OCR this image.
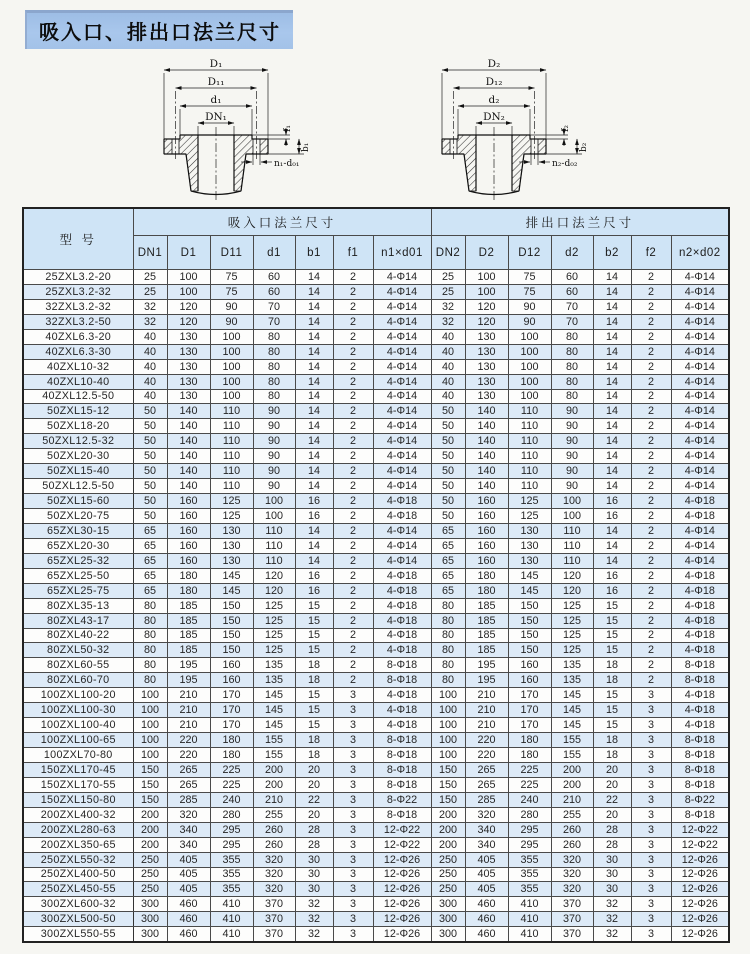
吸入口、排出口法兰尺寸
D₁
D₁₁
d₁
DN₁
f₁
b₁
n₁-d₀₁
D₂
D₁₂
d₂
DN₂
f₂
b₂
n₂-d₀₂
型 号	吸入口法兰尺寸							排出口法兰尺寸						
	DN1	D1	D11	d1	b1	f1	n1×d01	DN2	D2	D12	d2	b2	f2	n2×d02
25ZXL3.2-20	25	100	75	60	14	2	4-Φ14	25	100	75	60	14	2	4-Φ14
25ZXL3.2-32	25	100	75	60	14	2	4-Φ14	25	100	75	60	14	2	4-Φ14
32ZXL3.2-32	32	120	90	70	14	2	4-Φ14	32	120	90	70	14	2	4-Φ14
32ZXL3.2-50	32	120	90	70	14	2	4-Φ14	32	120	90	70	14	2	4-Φ14
40ZXL6.3-20	40	130	100	80	14	2	4-Φ14	40	130	100	80	14	2	4-Φ14
40ZXL6.3-30	40	130	100	80	14	2	4-Φ14	40	130	100	80	14	2	4-Φ14
40ZXL10-32	40	130	100	80	14	2	4-Φ14	40	130	100	80	14	2	4-Φ14
40ZXL10-40	40	130	100	80	14	2	4-Φ14	40	130	100	80	14	2	4-Φ14
40ZXL12.5-50	40	130	100	80	14	2	4-Φ14	40	130	100	80	14	2	4-Φ14
50ZXL15-12	50	140	110	90	14	2	4-Φ14	50	140	110	90	14	2	4-Φ14
50ZXL18-20	50	140	110	90	14	2	4-Φ14	50	140	110	90	14	2	4-Φ14
50ZXL12.5-32	50	140	110	90	14	2	4-Φ14	50	140	110	90	14	2	4-Φ14
50ZXL20-30	50	140	110	90	14	2	4-Φ14	50	140	110	90	14	2	4-Φ14
50ZXL15-40	50	140	110	90	14	2	4-Φ14	50	140	110	90	14	2	4-Φ14
50ZXL12.5-50	50	140	110	90	14	2	4-Φ14	50	140	110	90	14	2	4-Φ14
50ZXL15-60	50	160	125	100	16	2	4-Φ18	50	160	125	100	16	2	4-Φ18
50ZXL20-75	50	160	125	100	16	2	4-Φ18	50	160	125	100	16	2	4-Φ18
65ZXL30-15	65	160	130	110	14	2	4-Φ14	65	160	130	110	14	2	4-Φ14
65ZXL20-30	65	160	130	110	14	2	4-Φ14	65	160	130	110	14	2	4-Φ14
65ZXL25-32	65	160	130	110	14	2	4-Φ14	65	160	130	110	14	2	4-Φ14
65ZXL25-50	65	180	145	120	16	2	4-Φ18	65	180	145	120	16	2	4-Φ18
65ZXL25-75	65	180	145	120	16	2	4-Φ18	65	180	145	120	16	2	4-Φ18
80ZXL35-13	80	185	150	125	15	2	4-Φ18	80	185	150	125	15	2	4-Φ18
80ZXL43-17	80	185	150	125	15	2	4-Φ18	80	185	150	125	15	2	4-Φ18
80ZXL40-22	80	185	150	125	15	2	4-Φ18	80	185	150	125	15	2	4-Φ18
80ZXL50-32	80	185	150	125	15	2	4-Φ18	80	185	150	125	15	2	4-Φ18
80ZXL60-55	80	195	160	135	18	2	8-Φ18	80	195	160	135	18	2	8-Φ18
80ZXL60-70	80	195	160	135	18	2	8-Φ18	80	195	160	135	18	2	8-Φ18
100ZXL100-20	100	210	170	145	15	3	4-Φ18	100	210	170	145	15	3	4-Φ18
100ZXL100-30	100	210	170	145	15	3	4-Φ18	100	210	170	145	15	3	4-Φ18
100ZXL100-40	100	210	170	145	15	3	4-Φ18	100	210	170	145	15	3	4-Φ18
100ZXL100-65	100	220	180	155	18	3	8-Φ18	100	220	180	155	18	3	8-Φ18
100ZXL70-80	100	220	180	155	18	3	8-Φ18	100	220	180	155	18	3	8-Φ18
150ZXL170-45	150	265	225	200	20	3	8-Φ18	150	265	225	200	20	3	8-Φ18
150ZXL170-55	150	265	225	200	20	3	8-Φ18	150	265	225	200	20	3	8-Φ18
150ZXL150-80	150	285	240	210	22	3	8-Φ22	150	285	240	210	22	3	8-Φ22
200ZXL400-32	200	320	280	255	20	3	8-Φ18	200	320	280	255	20	3	8-Φ18
200ZXL280-63	200	340	295	260	28	3	12-Φ22	200	340	295	260	28	3	12-Φ22
200ZXL350-65	200	340	295	260	28	3	12-Φ22	200	340	295	260	28	3	12-Φ22
250ZXL550-32	250	405	355	320	30	3	12-Φ26	250	405	355	320	30	3	12-Φ26
250ZXL400-50	250	405	355	320	30	3	12-Φ26	250	405	355	320	30	3	12-Φ26
250ZXL450-55	250	405	355	320	30	3	12-Φ26	250	405	355	320	30	3	12-Φ26
300ZXL600-32	300	460	410	370	32	3	12-Φ26	300	460	410	370	32	3	12-Φ26
300ZXL500-50	300	460	410	370	32	3	12-Φ26	300	460	410	370	32	3	12-Φ26
300ZXL550-55	300	460	410	370	32	3	12-Φ26	300	460	410	370	32	3	12-Φ26
